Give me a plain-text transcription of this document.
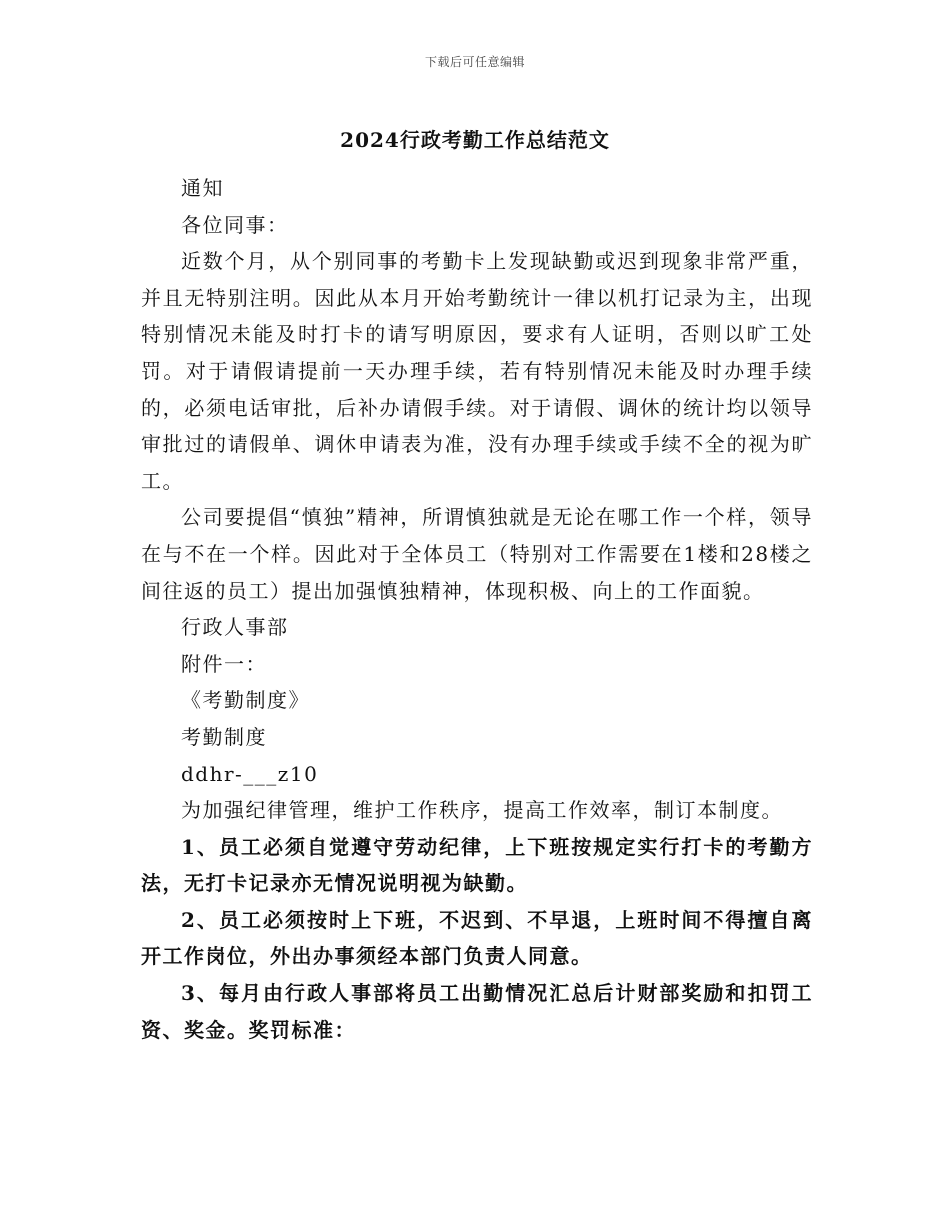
下载后可任意编辑
2024行政考勤工作总结范文

通知

各位同事：

近数个月，从个别同事的考勤卡上发现缺勤或迟到现象非常严重，并且无特别注明。因此从本月开始考勤统计一律以机打记录为主，出现特别情况未能及时打卡的请写明原因，要求有人证明，否则以旷工处罚。对于请假请提前一天办理手续，若有特别情况未能及时办理手续的，必须电话审批，后补办请假手续。对于请假、调休的统计均以领导审批过的请假单、调休申请表为准，没有办理手续或手续不全的视为旷工。

公司要提倡“慎独”精神，所谓慎独就是无论在哪工作一个样，领导在与不在一个样。因此对于全体员工（特别对工作需要在1楼和28楼之间往返的员工）提出加强慎独精神，体现积极、向上的工作面貌。

行政人事部

附件一：

《考勤制度》

考勤制度

ddhr-___z10

为加强纪律管理，维护工作秩序，提高工作效率，制订本制度。

1、员工必须自觉遵守劳动纪律，上下班按规定实行打卡的考勤方法，无打卡记录亦无情况说明视为缺勤。

2、员工必须按时上下班，不迟到、不早退，上班时间不得擅自离开工作岗位，外出办事须经本部门负责人同意。

3、每月由行政人事部将员工出勤情况汇总后计财部奖励和扣罚工资、奖金。奖罚标准：
